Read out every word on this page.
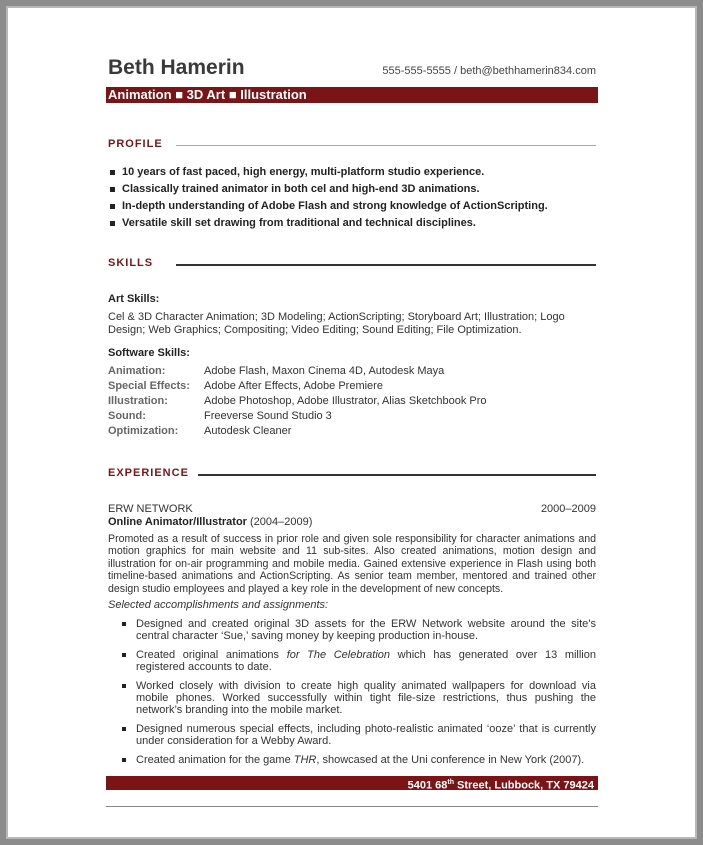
Beth Hamerin	555-555-5555 / beth@bethhamerin834.com
Animation ■ 3D Art ■ Illustration
PROFILE
10 years of fast paced, high energy, multi-platform studio experience.
Classically trained animator in both cel and high-end 3D animations.
In-depth understanding of Adobe Flash and strong knowledge of ActionScripting.
Versatile skill set drawing from traditional and technical disciplines.
SKILLS
Art Skills:
Cel & 3D Character Animation; 3D Modeling; ActionScripting; Storyboard Art; Illustration; Logo Design; Web Graphics; Compositing; Video Editing; Sound Editing; File Optimization.
Software Skills:
Animation:	Adobe Flash, Maxon Cinema 4D, Autodesk Maya
Special Effects:	Adobe After Effects, Adobe Premiere
Illustration:	Adobe Photoshop, Adobe Illustrator, Alias Sketchbook Pro
Sound:	Freeverse Sound Studio 3
Optimization:	Autodesk Cleaner
EXPERIENCE
ERW NETWORK	2000–2009
Online Animator/Illustrator (2004–2009)
Promoted as a result of success in prior role and given sole responsibility for character animations and motion graphics for main website and 11 sub-sites. Also created animations, motion design and illustration for on-air programming and mobile media. Gained extensive experience in Flash using both timeline-based animations and ActionScripting. As senior team member, mentored and trained other design studio employees and played a key role in the development of new concepts.
Selected accomplishments and assignments:
Designed and created original 3D assets for the ERW Network website around the site’s central character ‘Sue,’ saving money by keeping production in-house.
Created original animations for The Celebration which has generated over 13 million registered accounts to date.
Worked closely with division to create high quality animated wallpapers for download via mobile phones. Worked successfully within tight file-size restrictions, thus pushing the network’s branding into the mobile market.
Designed numerous special effects, including photo-realistic animated ‘ooze’ that is currently under consideration for a Webby Award.
Created animation for the game THR, showcased at the Uni conference in New York (2007).
5401 68th Street, Lubbock, TX 79424
